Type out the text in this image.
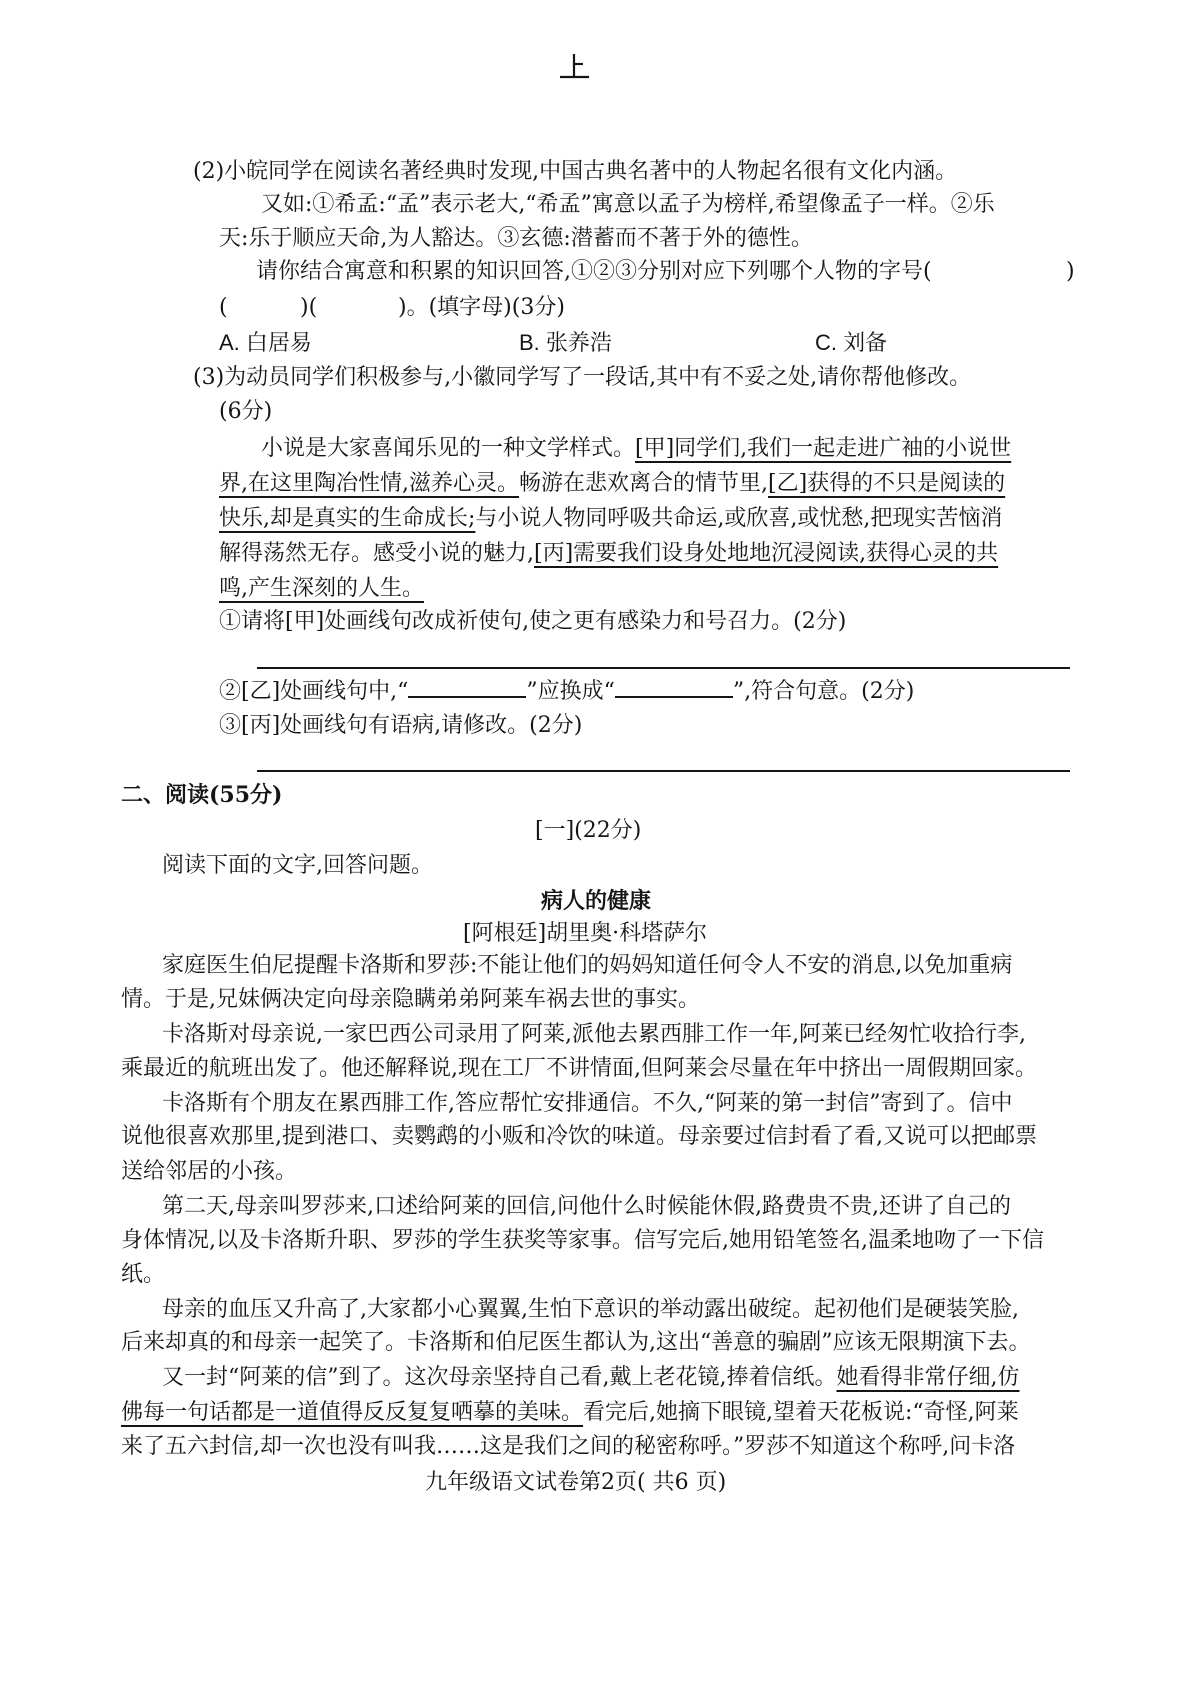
(2)小皖同学在阅读名著经典时发现,中国古典名著中的人物起名很有文化内涵。
又如:①希孟:“孟”表示老大,“希孟”寓意以孟子为榜样,希望像孟子一样。②乐
天:乐于顺应天命,为人豁达。③玄德:潜蓄而不著于外的德性。
请你结合寓意和积累的知识回答,①②③分别对应下列哪个人物的字号(	)
(	)(	)。(填字母)(3分)
A. 白居易	B. 张养浩	C. 刘备
(3)为动员同学们积极参与,小徽同学写了一段话,其中有不妥之处,请你帮他修改。
(6分)
小说是大家喜闻乐见的一种文学样式。[甲]同学们,我们一起走进广袖的小说世
界,在这里陶冶性情,滋养心灵。畅游在悲欢离合的情节里,[乙]获得的不只是阅读的
快乐,却是真实的生命成长;与小说人物同呼吸共命运,或欣喜,或忧愁,把现实苦恼消
解得荡然无存。感受小说的魅力,[丙]需要我们设身处地地沉浸阅读,获得心灵的共
鸣,产生深刻的人生。
①请将[甲]处画线句改成祈使句,使之更有感染力和号召力。(2分)
②[乙]处画线句中,“	”应换成“	”,符合句意。(2分)
③[丙]处画线句有语病,请修改。(2分)
二、阅读(55分)
[一](22分)
阅读下面的文字,回答问题。
病人的健康
[阿根廷]胡里奥·科塔萨尔
家庭医生伯尼提醒卡洛斯和罗莎:不能让他们的妈妈知道任何令人不安的消息,以免加重病
情。于是,兄妹俩决定向母亲隐瞒弟弟阿莱车祸去世的事实。
卡洛斯对母亲说,一家巴西公司录用了阿莱,派他去累西腓工作一年,阿莱已经匆忙收拾行李,
乘最近的航班出发了。他还解释说,现在工厂不讲情面,但阿莱会尽量在年中挤出一周假期回家。
卡洛斯有个朋友在累西腓工作,答应帮忙安排通信。不久,“阿莱的第一封信”寄到了。信中
说他很喜欢那里,提到港口、卖鹦鹉的小贩和冷饮的味道。母亲要过信封看了看,又说可以把邮票
送给邻居的小孩。
第二天,母亲叫罗莎来,口述给阿莱的回信,问他什么时候能休假,路费贵不贵,还讲了自己的
身体情况,以及卡洛斯升职、罗莎的学生获奖等家事。信写完后,她用铅笔签名,温柔地吻了一下信
纸。
母亲的血压又升高了,大家都小心翼翼,生怕下意识的举动露出破绽。起初他们是硬装笑脸,
后来却真的和母亲一起笑了。卡洛斯和伯尼医生都认为,这出“善意的骗剧”应该无限期演下去。
又一封“阿莱的信”到了。这次母亲坚持自己看,戴上老花镜,捧着信纸。她看得非常仔细,仿
佛每一句话都是一道值得反反复复哂摹的美味。看完后,她摘下眼镜,望着天花板说:“奇怪,阿莱
来了五六封信,却一次也没有叫我……这是我们之间的秘密称呼。”罗莎不知道这个称呼,问卡洛
九年级语文试卷第2页( 共6 页)
